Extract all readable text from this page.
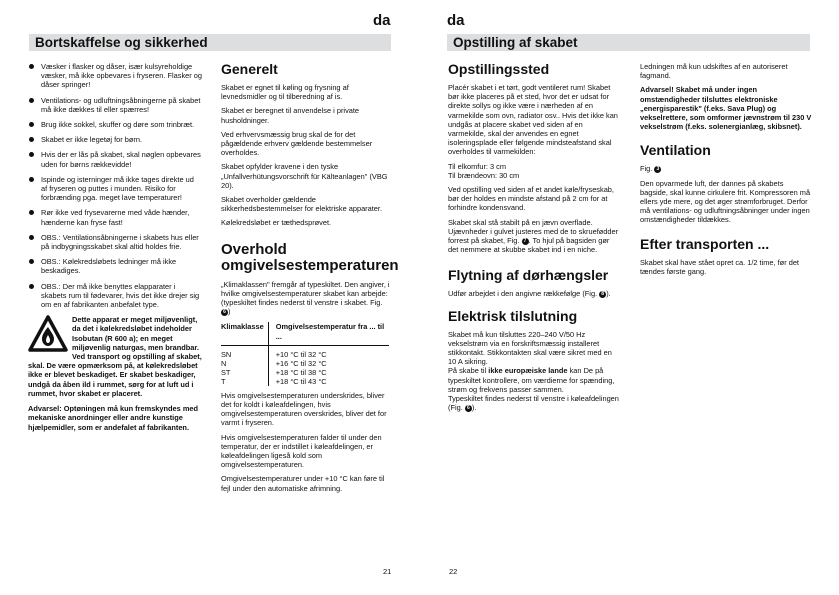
da
Bortskaffelse og sikkerhed
Væsker i flasker og dåser, især kulsyreholdige væsker, må ikke opbevares i fryseren. Flasker og dåser springer!
Ventilations- og udluftningsåbningerne på skabet må ikke dækkes til eller spærres!
Brug ikke sokkel, skuffer og døre som trinbræt.
Skabet er ikke legetøj for børn.
Hvis der er lås på skabet, skal nøglen opbevares uden for børns rækkevidde!
Ispinde og isterninger må ikke tages direkte ud af fryseren og puttes i munden. Risiko for forbrænding pga. meget lave temperaturer!
Rør ikke ved frysevarerne med våde hænder, hænderne kan fryse fast!
OBS.: Ventilationsåbningerne i skabets hus eller på indbygningsskabet skal altid holdes frie.
OBS.: Kølekredsløbets ledninger må ikke beskadiges.
OBS.: Der må ikke benyttes elapparater i skabets rum til fødevarer, hvis det ikke drejer sig om en af fabrikanten anbefalet type.
Dette apparat er meget miljøvenligt, da det i kølekredsløbet indeholder Isobutan (R 600 a); en meget miljøvenlig naturgas, men brandbar. Ved transport og opstilling af skabet, skal. De være opmærksom på, at kølekredsløbet ikke er blevet beskadiget. Er skabet beskadiger, undgå da åben ild i rummet, sørg for at luft ud i rummet, hvor skabet er placeret.

Advarsel: Optøningen må kun fremskyndes med mekaniske anordninger eller andre kunstige hjælpemidler, som er andefalet af fabrikanten.

Generelt

Skabet er egnet til køling og frysning af levnedsmidler og til tilberedning af is.

Skabet er beregnet til anvendelse i private husholdninger.

Ved erhvervsmæssig brug skal de for det pågældende erhverv gældende bestemmelser overholdes.

Skabet opfylder kravene i den tyske „Unfallverhütungsvorschrift für Kälteanlagen" (VBG 20).

Skabet overholder gældende sikkerhedsbestemmelser for elektriske apparater.

Kølekredsløbet er tæthedsprøvet.

Overhold omgivelsestemperaturen

„Klimaklassen" fremgår af typeskiltet. Den angiver, i hvilke omgivelsestemperaturer skabet kan arbejde: (typeskiltet findes nederst til venstre i skabet. Fig. 6 )

Klimaklasse	Omgivelsestemperatur fra ... til ...
SN	+10 °C til 32 °C
N	+16 °C til 32 °C
ST	+18 °C til 38 °C
T	+18 °C til 43 °C

Hvis omgivelsestemperaturen underskrides, bliver det for koldt i køleafdelingen, hvis omgivelsestemperaturen overskrides, bliver det for varmt i fryseren.

Hvis omgivelsestemperaturen falder til under den temperatur, der er indstillet i køleafdelingen, er køleafdelingen ligeså kold som omgivelsestemperaturen.

Omgivelsestemperaturer under +10 °C kan føre til fejl under den automatiske afrimning.

21
da
Opstilling af skabet
Opstillingssted

Placér skabet i et tørt, godt ventileret rum! Skabet bør ikke placeres på et sted, hvor det er udsat for direkte sollys og ikke være i nærheden af en varmekilde som ovn, radiator osv.. Hvis det ikke kan undgås at placere skabet ved siden af en varmekilde, skal der anvendes en egnet isoleringsplade eller følgende mindsteafstand skal overholdes til varmekilden:

Til elkomfur: 3 cm
Til brændeovn: 30 cm

Ved opstilling ved siden af et andet køle/fryseskab, bør der holdes en mindste afstand på 2 cm for at forhindre kondensvand.

Skabet skal stå stabilt på en jævn overflade. Ujævnheder i gulvet justeres med de to skruefødder forrest på skabet, Fig. 7 . To hjul på bagsiden gør det nemmere at skubbe skabet ind i en niche.

Flytning af dørhængsler

Udfør arbejdet i den angivne rækkefølge (Fig. 8 ).

Elektrisk tilslutning

Skabet må kun tilsluttes 220–240 V/50 Hz vekselstrøm via en forskriftsmæssig installeret stikkontakt. Stikkontakten skal være sikret med en 10 A sikring.

På skabe til ikke europæiske lande kan De på typeskiltet kontrollere, om værdierne for spænding, strøm og frekvens passer sammen.

Typeskiltet findes nederst til venstre i køleafdelingen (Fig. 6 ).

Ledningen må kun udskiftes af en autoriseret fagmand.

Advarsel! Skabet må under ingen omstændigheder tilsluttes elektroniske „energisparestik" (f.eks. Sava Plug) og vekselrettere, som omformer jævnstrøm til 230 V vekselstrøm (f.eks. solenergianlæg, skibsnet).

Ventilation

Fig. 3

Den opvarmede luft, der dannes på skabets bagside, skal kunne cirkulere frit. Kompressoren må ellers yde mere, og det øger strømforbruget. Derfor må ventilations- og udluftningsåbninger under ingen omstændigheder tildækkes.

Efter transporten ...

Skabet skal have stået opret ca. 1/2 time, før det tændes første gang.

22
